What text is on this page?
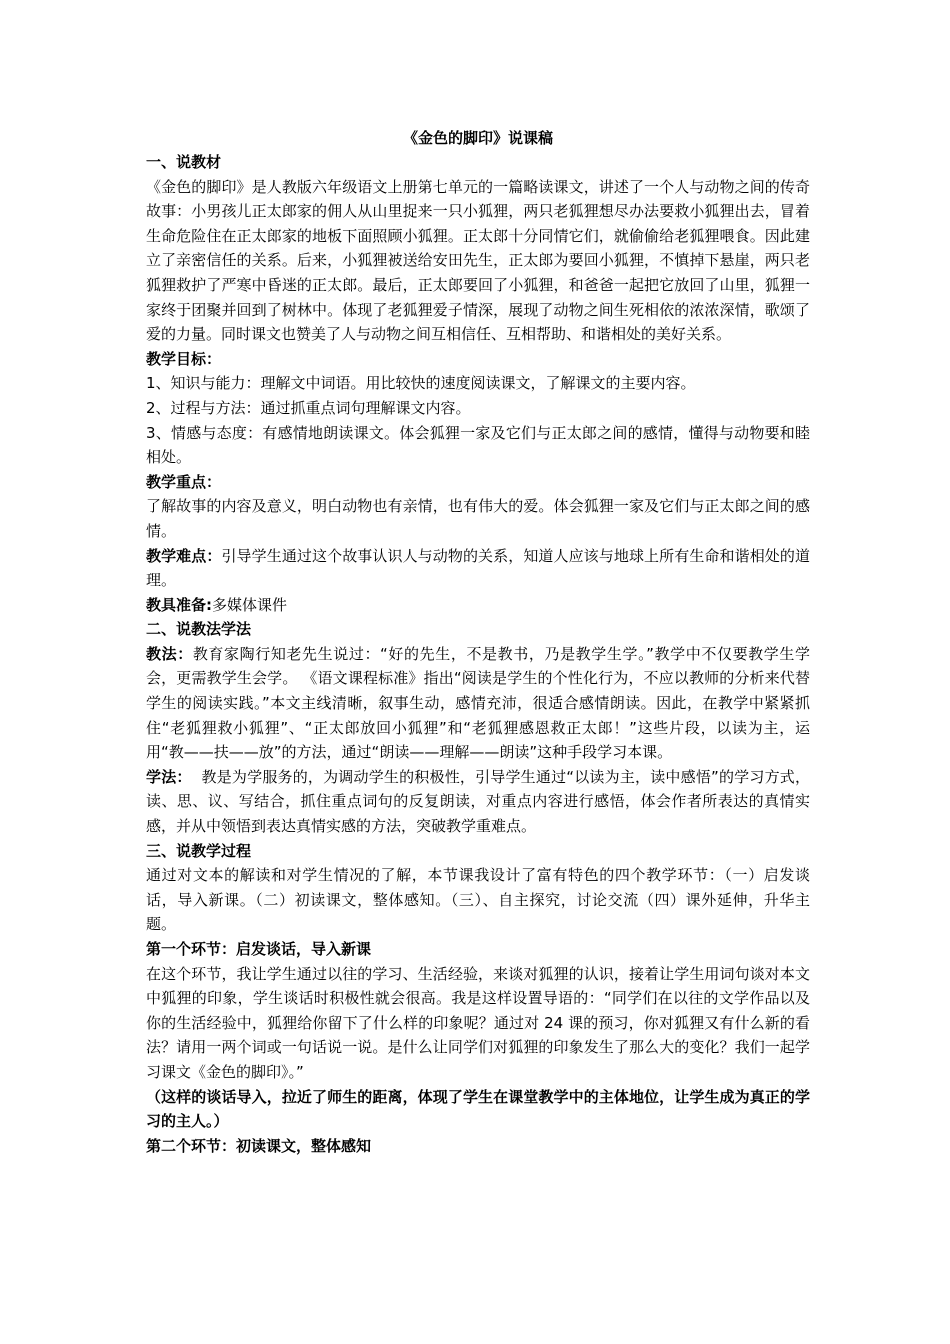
《金色的脚印》说课稿

一、说教材

《金色的脚印》是人教版六年级语文上册第七单元的一篇略读课文，讲述了一个人与动物之间的传奇故事：小男孩儿正太郎家的佣人从山里捉来一只小狐狸，两只老狐狸想尽办法要救小狐狸出去，冒着生命危险住在正太郎家的地板下面照顾小狐狸。正太郎十分同情它们，就偷偷给老狐狸喂食。因此建立了亲密信任的关系。后来，小狐狸被送给安田先生，正太郎为要回小狐狸，不慎掉下悬崖，两只老狐狸救护了严寒中昏迷的正太郎。最后，正太郎要回了小狐狸，和爸爸一起把它放回了山里，狐狸一家终于团聚并回到了树林中。体现了老狐狸爱子情深，展现了动物之间生死相依的浓浓深情，歌颂了爱的力量。同时课文也赞美了人与动物之间互相信任、互相帮助、和谐相处的美好关系。

教学目标：

1、知识与能力：理解文中词语。用比较快的速度阅读课文，了解课文的主要内容。

2、过程与方法：通过抓重点词句理解课文内容。

3、情感与态度：有感情地朗读课文。体会狐狸一家及它们与正太郎之间的感情，懂得与动物要和睦相处。

教学重点：

了解故事的内容及意义，明白动物也有亲情，也有伟大的爱。体会狐狸一家及它们与正太郎之间的感情。

教学难点：引导学生通过这个故事认识人与动物的关系，知道人应该与地球上所有生命和谐相处的道理。

教具准备:多媒体课件

二、说教法学法

教法：教育家陶行知老先生说过：“好的先生，不是教书，乃是教学生学。”教学中不仅要教学生学会，更需教学生会学。 《语文课程标准》指出“阅读是学生的个性化行为，不应以教师的分析来代替学生的阅读实践。”本文主线清晰，叙事生动，感情充沛，很适合感情朗读。因此，在教学中紧紧抓住“老狐狸救小狐狸”、“正太郎放回小狐狸”和“老狐狸感恩救正太郎！”这些片段，以读为主，运用“教——扶——放”的方法，通过“朗读——理解——朗读”这种手段学习本课。

学法：  教是为学服务的，为调动学生的积极性，引导学生通过“以读为主，读中感悟”的学习方式，读、思、议、写结合，抓住重点词句的反复朗读，对重点内容进行感悟，体会作者所表达的真情实感，并从中领悟到表达真情实感的方法，突破教学重难点。

三、说教学过程

通过对文本的解读和对学生情况的了解，本节课我设计了富有特色的四个教学环节：（一）启发谈话，导入新课。（二）初读课文，整体感知。（三）、自主探究，讨论交流（四）课外延伸，升华主题。

第一个环节：启发谈话，导入新课

在这个环节，我让学生通过以往的学习、生活经验，来谈对狐狸的认识，接着让学生用词句谈对本文中狐狸的印象，学生谈话时积极性就会很高。我是这样设置导语的：“同学们在以往的文学作品以及你的生活经验中，狐狸给你留下了什么样的印象呢？通过对 24 课的预习，你对狐狸又有什么新的看法？请用一两个词或一句话说一说。是什么让同学们对狐狸的印象发生了那么大的变化？我们一起学习课文《金色的脚印》。”

（这样的谈话导入，拉近了师生的距离，体现了学生在课堂教学中的主体地位，让学生成为真正的学习的主人。）

第二个环节：初读课文，整体感知
